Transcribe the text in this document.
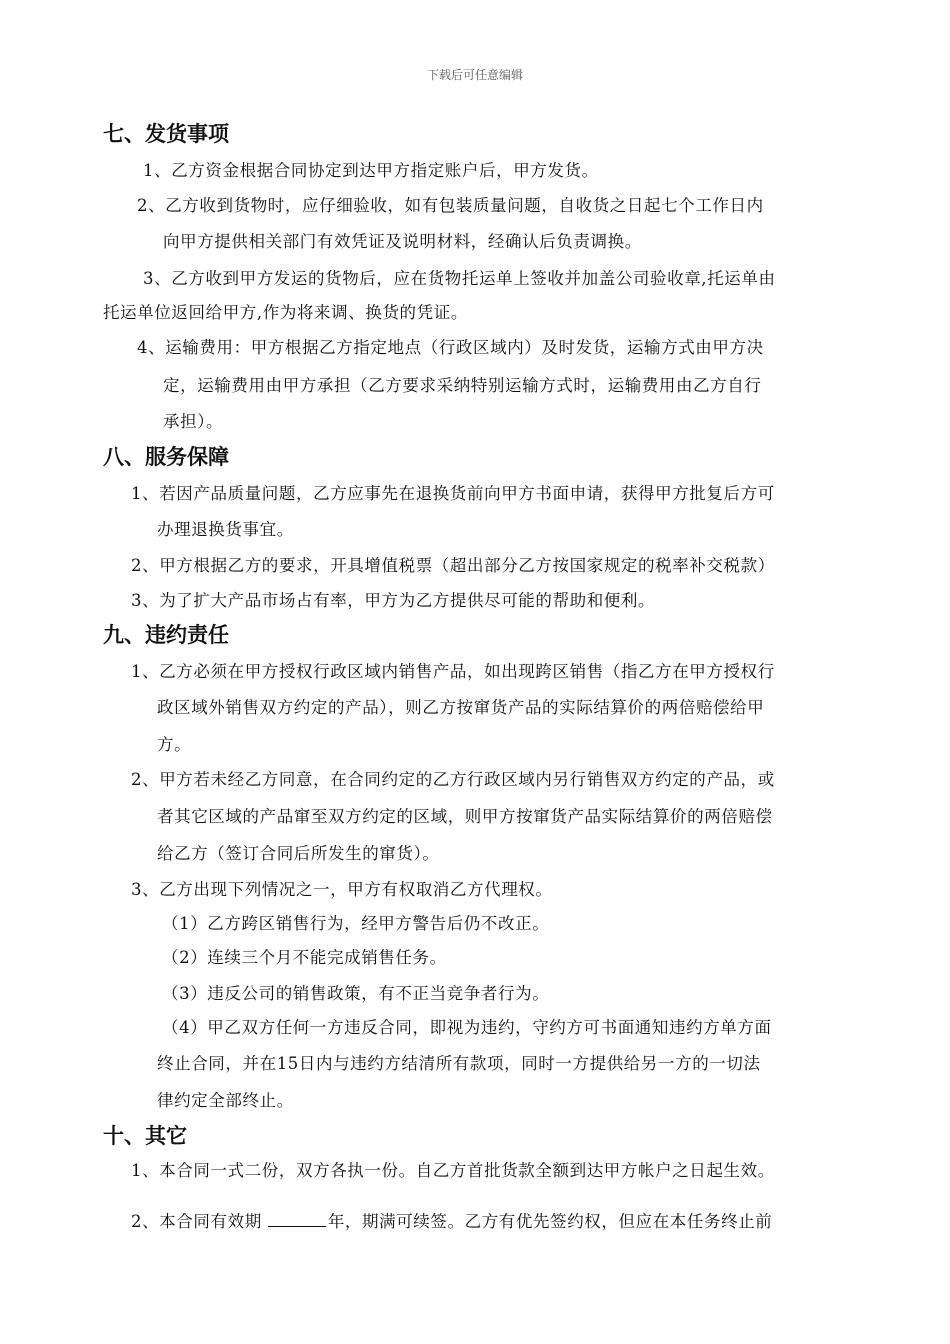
下载后可任意编辑
七、发货事项
1、乙方资金根据合同协定到达甲方指定账户后，甲方发货。
2、乙方收到货物时，应仔细验收，如有包装质量问题，自收货之日起七个工作日内
向甲方提供相关部门有效凭证及说明材料，经确认后负责调换。
3、乙方收到甲方发运的货物后，应在货物托运单上签收并加盖公司验收章,托运单由
托运单位返回给甲方,作为将来调、换货的凭证。
4、运输费用：甲方根据乙方指定地点（行政区域内）及时发货，运输方式由甲方决
定，运输费用由甲方承担（乙方要求采纳特别运输方式时，运输费用由乙方自行
承担）。
八、服务保障
1、若因产品质量问题，乙方应事先在退换货前向甲方书面申请，获得甲方批复后方可
办理退换货事宜。
2、甲方根据乙方的要求，开具增值税票（超出部分乙方按国家规定的税率补交税款）
3、为了扩大产品市场占有率，甲方为乙方提供尽可能的帮助和便利。
九、违约责任
1、乙方必须在甲方授权行政区域内销售产品，如出现跨区销售（指乙方在甲方授权行
政区域外销售双方约定的产品），则乙方按窜货产品的实际结算价的两倍赔偿给甲
方。
2、甲方若未经乙方同意，在合同约定的乙方行政区域内另行销售双方约定的产品，或
者其它区域的产品窜至双方约定的区域，则甲方按窜货产品实际结算价的两倍赔偿
给乙方（签订合同后所发生的窜货）。
3、乙方出现下列情况之一，甲方有权取消乙方代理权。
（1）乙方跨区销售行为，经甲方警告后仍不改正。
（2）连续三个月不能完成销售任务。
（3）违反公司的销售政策，有不正当竞争者行为。
（4）甲乙双方任何一方违反合同，即视为违约，守约方可书面通知违约方单方面
终止合同，并在15日内与违约方结清所有款项，同时一方提供给另一方的一切法
律约定全部终止。
十、其它
1、本合同一式二份，双方各执一份。自乙方首批货款全额到达甲方帐户之日起生效。
2、本合同有效期	年，期满可续签。乙方有优先签约权，但应在本任务终止前
